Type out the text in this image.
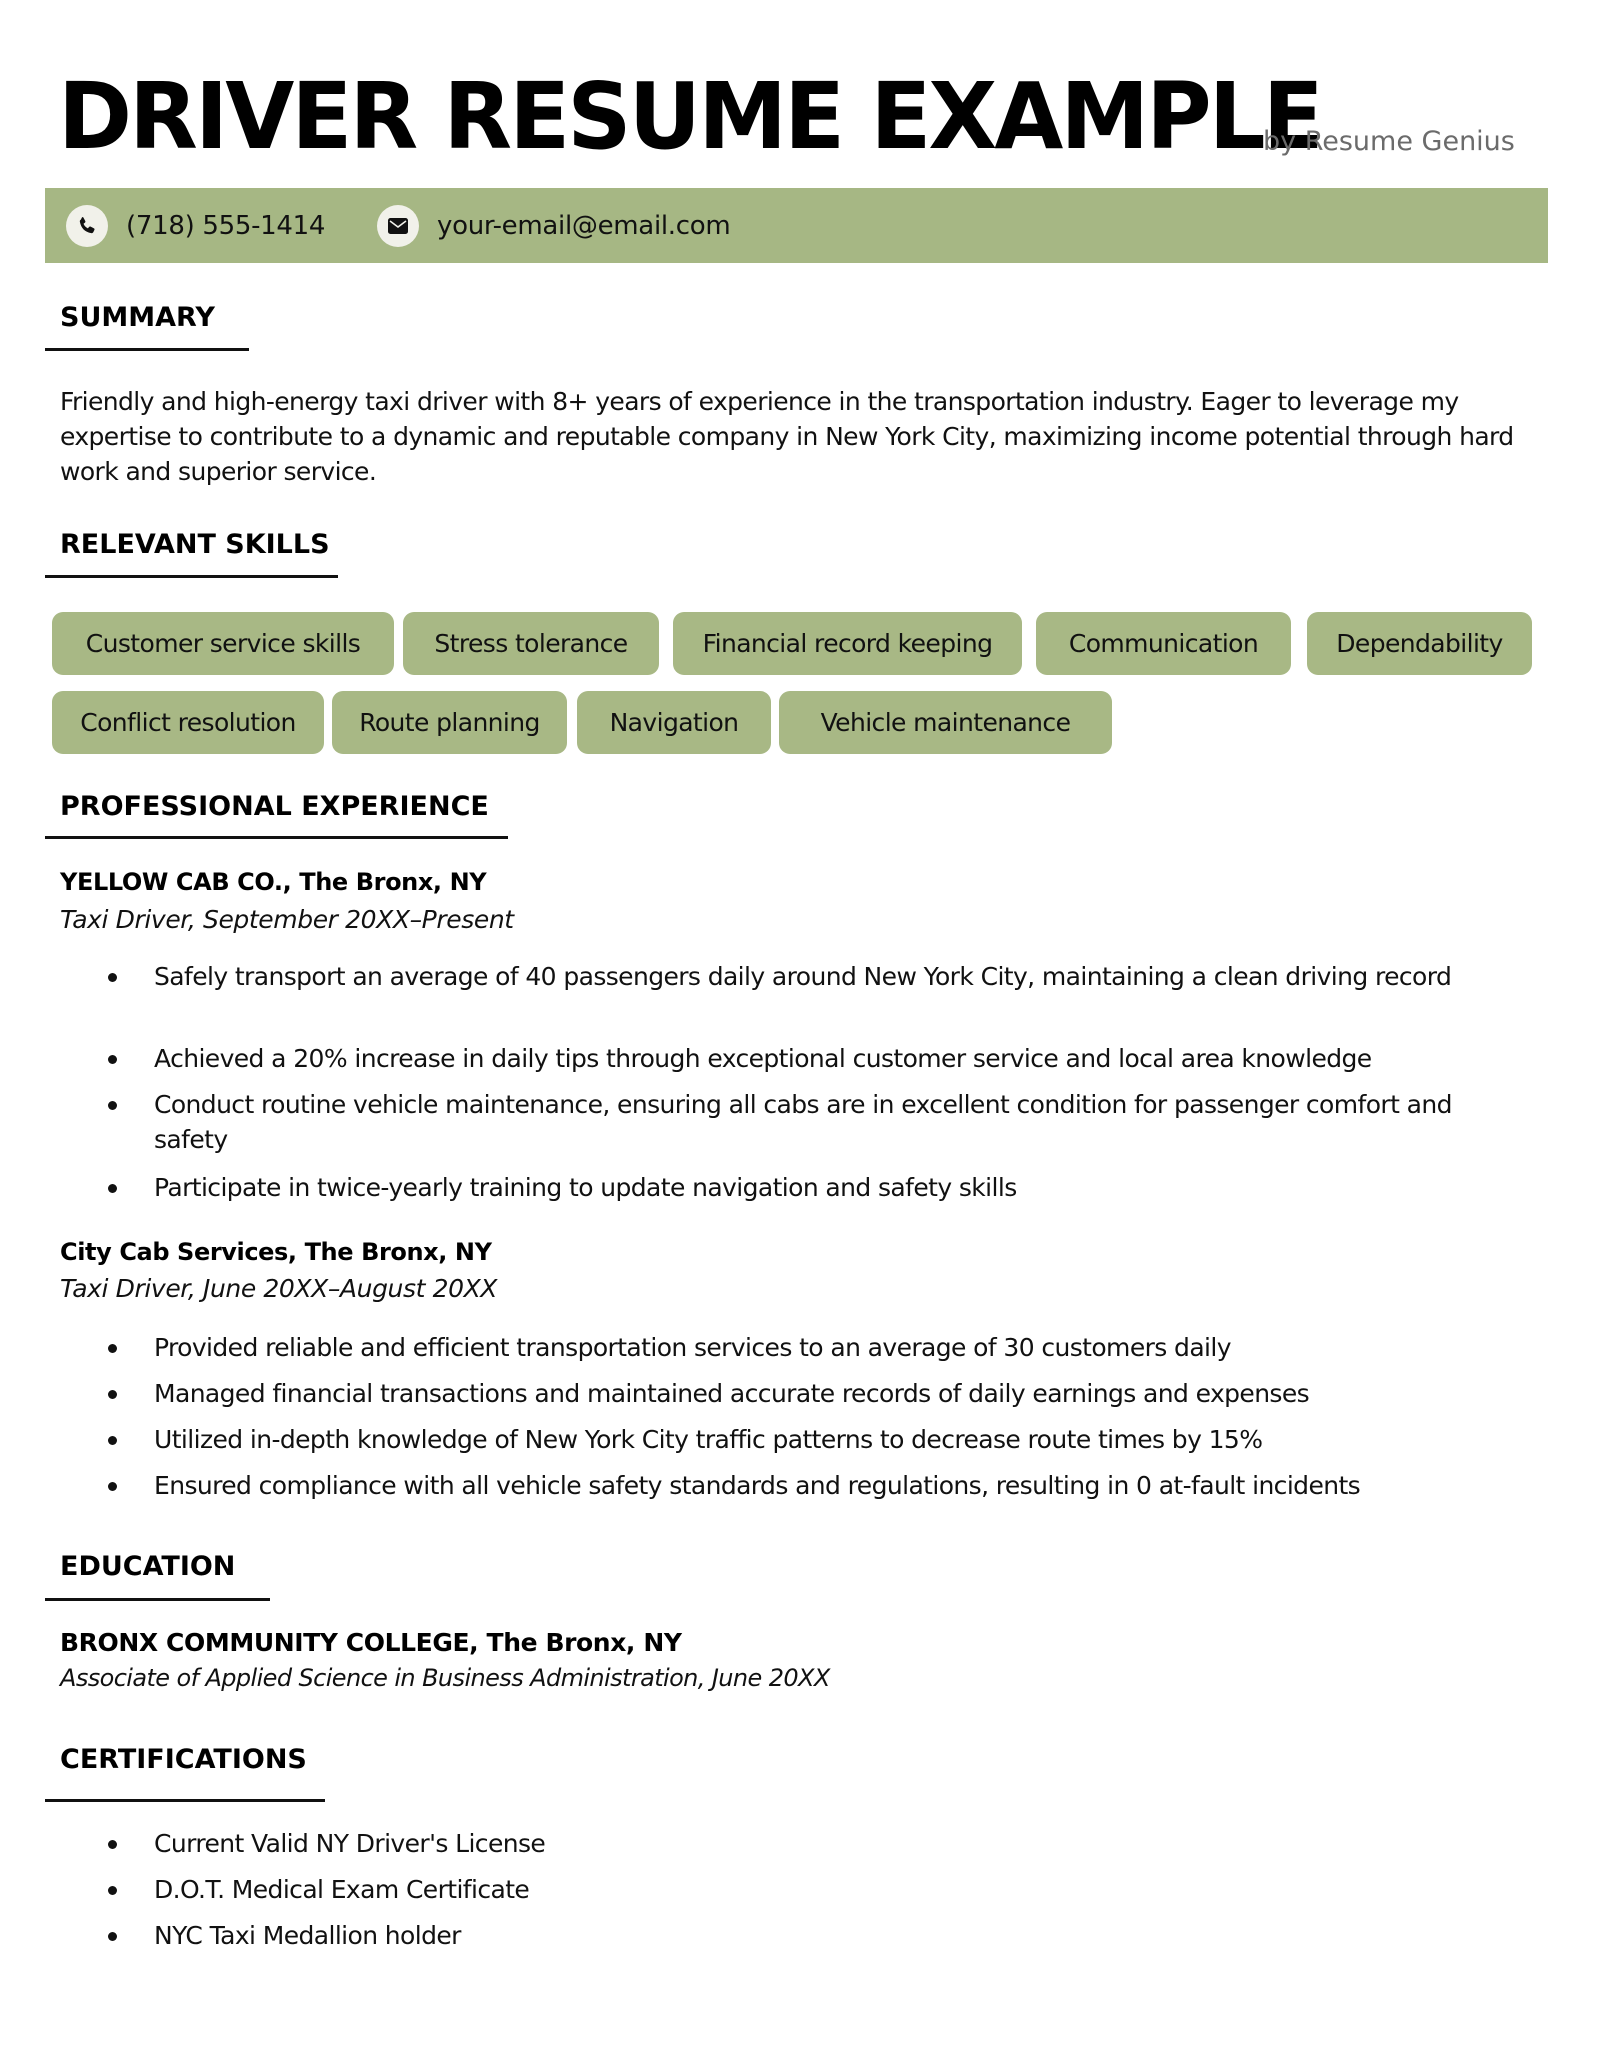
DRIVER RESUME EXAMPLE
by Resume Genius
(718) 555-1414	your-email@email.com
SUMMARY
Friendly and high-energy taxi driver with 8+ years of experience in the transportation industry. Eager to leverage my expertise to contribute to a dynamic and reputable company in New York City, maximizing income potential through hard work and superior service.
RELEVANT SKILLS
Customer service skills	Stress tolerance	Financial record keeping	Communication	Dependability
Conflict resolution	Route planning	Navigation	Vehicle maintenance
PROFESSIONAL EXPERIENCE
YELLOW CAB CO., The Bronx, NY
Taxi Driver, September 20XX–Present
Safely transport an average of 40 passengers daily around New York City, maintaining a clean driving record
Achieved a 20% increase in daily tips through exceptional customer service and local area knowledge
Conduct routine vehicle maintenance, ensuring all cabs are in excellent condition for passenger comfort and safety
Participate in twice-yearly training to update navigation and safety skills
City Cab Services, The Bronx, NY
Taxi Driver, June 20XX–August 20XX
Provided reliable and efficient transportation services to an average of 30 customers daily
Managed financial transactions and maintained accurate records of daily earnings and expenses
Utilized in-depth knowledge of New York City traffic patterns to decrease route times by 15%
Ensured compliance with all vehicle safety standards and regulations, resulting in 0 at-fault incidents
EDUCATION
BRONX COMMUNITY COLLEGE, The Bronx, NY
Associate of Applied Science in Business Administration, June 20XX
CERTIFICATIONS
Current Valid NY Driver's License
D.O.T. Medical Exam Certificate
NYC Taxi Medallion holder
